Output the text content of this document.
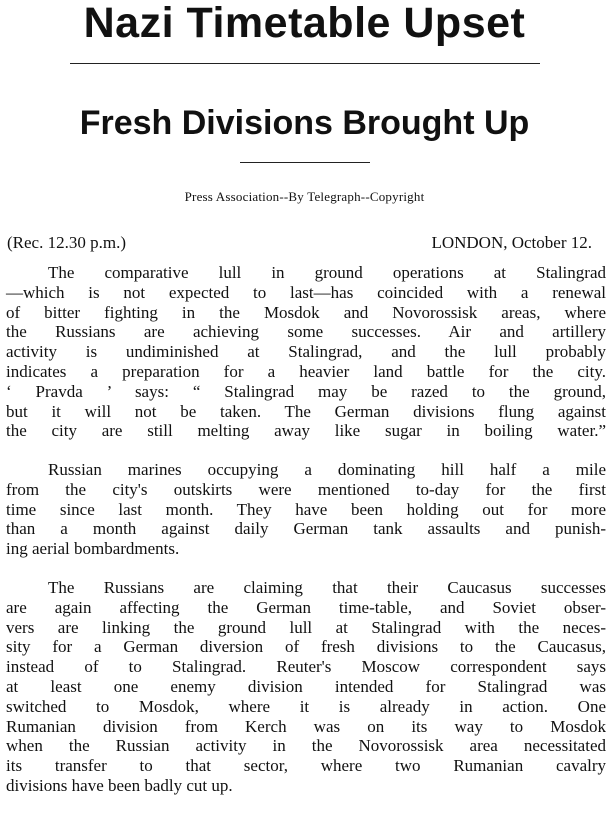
Nazi Timetable Upset
Fresh Divisions Brought Up
Press Association--By Telegraph--Copyright
(Rec. 12.30 p.m.)	LONDON, October 12.
The comparative lull in ground operations at Stalingrad
—which is not expected to last—has coincided with a renewal
of bitter fighting in the Mosdok and Novorossisk areas, where
the Russians are achieving some successes. Air and artillery
activity is undiminished at Stalingrad, and the lull probably
indicates a preparation for a heavier land battle for the city.
‘ Pravda ’ says: “ Stalingrad may be razed to the ground,
but it will not be taken. The German divisions flung against
the city are still melting away like sugar in boiling water.”
Russian marines occupying a dominating hill half a mile
from the city's outskirts were mentioned to-day for the first
time since last month. They have been holding out for more
than a month against daily German tank assaults and punish-
ing aerial bombardments.
The Russians are claiming that their Caucasus successes
are again affecting the German time-table, and Soviet obser-
vers are linking the ground lull at Stalingrad with the neces-
sity for a German diversion of fresh divisions to the Caucasus,
instead of to Stalingrad. Reuter's Moscow correspondent says
at least one enemy division intended for Stalingrad was
switched to Mosdok, where it is already in action. One
Rumanian division from Kerch was on its way to Mosdok
when the Russian activity in the Novorossisk area necessitated
its transfer to that sector, where two Rumanian cavalry
divisions have been badly cut up.
